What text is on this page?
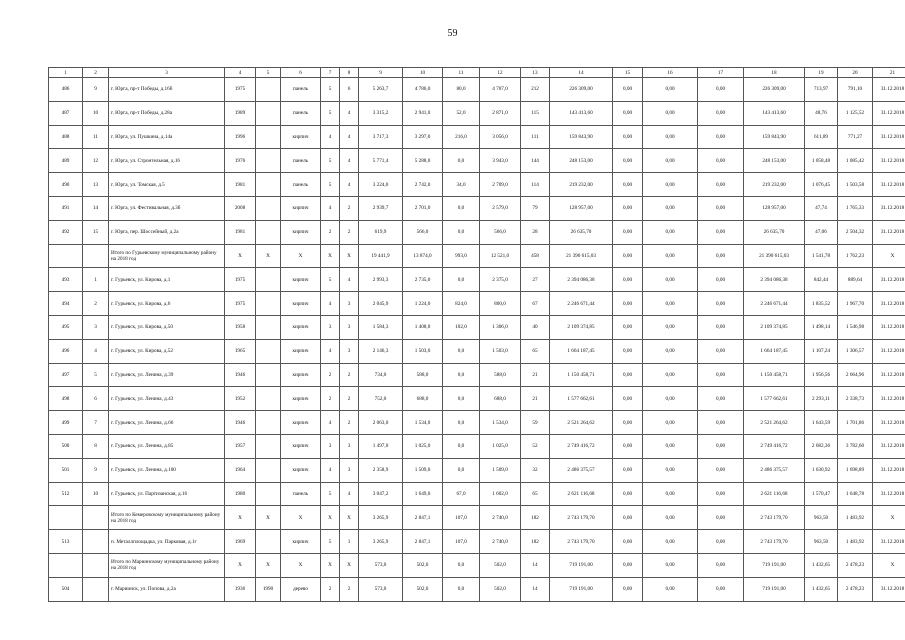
59
1	2	3	4	5	6	7	8	9	10	11	12	13	14	15	16	17	18	19	20	21
486	9	г. Юрга, пр-т Победы, д.16б	1975		панель	5	6	5 263,7	4 786,0	80,0	4 707,0	212	226 309,00	0,00	0,00	0,00	226 309,00	713,97	791,10	31.12.2018
487	10	г. Юрга, пр-т Победы, д.28а	1989		панель	5	4	3 315,2	2 941,0	52,0	2 871,0	115	143 413,60	0,00	0,00	0,00	143 413,60	48,76	1 125,52	31.12.2018
488	11	г. Юрга, ул. Пушкина, д.14а	1996		кирпич	4	4	3 717,3	3 297,0	216,0	3 056,0	111	159 843,90	0,00	0,00	0,00	159 843,90	611,89	771,27	31.12.2018
489	12	г. Юрга, ул. Строительная, д.16	1976		панель	5	4	5 771,4	5 288,0	0,0	3 943,0	144	248 153,00	0,00	0,00	0,00	248 153,00	1 058,48	1 085,42	31.12.2018
490	13	г. Юрга, ул. Томская, д.5	1981		панель	5	4	3 224,0	2 742,0	34,0	2 709,0	114	219 232,00	0,00	0,00	0,00	219 232,00	1 076,45	1 503,58	31.12.2018
491	14	г. Юрга, ул. Фестивальная, д.3б	2008		кирпич	4	2	2 939,7	2 701,0	0,0	2 579,0	79	128 957,00	0,00	0,00	0,00	128 957,00	47,74	1 765,33	31.12.2018
492	15	г. Юрга, пер. Шоссейный, д.2а	1981		кирпич	2	2	619,9	566,0	0,0	566,0	28	26 635,70	0,00	0,00	0,00	26 635,70	47,06	2 504,32	31.12.2018
		Итого по Гурьевскому муниципальному району на 2018 год	X	X	X	X	X	19 441,9	13 874,0	993,0	12 521,0	458	21 390 615,03	0,00	0,00	0,00	21 390 615,03	1 541,78	1 762,23	X
493	1	г. Гурьевск, ул. Кирова, д.1	1975		кирпич	5	4	2 993,3	2 735,0	0,0	2 375,0	27	2 394 086,38	0,00	0,00	0,00	2 394 086,38	842,44	889,64	31.12.2018
494	2	г. Гурьевск, ул. Кирова, д.6	1975		кирпич	4	3	2 045,9	1 224,0	824,0	800,0	67	2 246 671,44	0,00	0,00	0,00	2 246 671,44	1 835,52	1 967,70	31.12.2018
495	3	г. Гурьевск, ул. Кирова, д.50	1958		кирпич	3	3	1 584,3	1 408,0	102,0	1 306,0	40	2 109 374,85	0,00	0,00	0,00	2 109 374,85	1 498,14	1 546,98	31.12.2018
496	4	г. Гурьевск, ул. Кирова, д.52	1965		кирпич	4	3	2 146,3	1 503,0	0,0	1 503,0	65	1 664 187,45	0,00	0,00	0,00	1 664 187,45	1 107,24	1 306,57	31.12.2018
497	5	г. Гурьевск, ул. Ленина, д.39	1946		кирпич	2	2	734,0	588,0	0,0	588,0	21	1 150 458,71	0,00	0,00	0,00	1 150 458,71	1 956,56	2 664,96	31.12.2018
498	6	г. Гурьевск, ул. Ленина, д.43	1952		кирпич	2	2	752,0	688,0	0,0	688,0	21	1 577 662,61	0,00	0,00	0,00	1 577 662,61	2 293,11	2 338,73	31.12.2018
499	7	г. Гурьевск, ул. Ленина, д.66	1946		кирпич	4	2	2 063,0	1 534,0	0,0	1 534,0	59	2 521 264,62	0,00	0,00	0,00	2 521 264,62	1 643,59	1 701,86	31.12.2018
500	8	г. Гурьевск, ул. Ленина, д.85	1957		кирпич	3	3	1 497,0	1 025,0	0,0	1 025,0	52	2 749 416,72	0,00	0,00	0,00	2 749 416,72	2 682,36	3 782,60	31.12.2018
501	9	г. Гурьевск, ул. Ленина, д.100	1964		кирпич	4	3	2 358,9	1 509,0	0,0	1 509,0	32	2 486 375,57	0,00	0,00	0,00	2 486 375,57	1 630,92	1 698,89	31.12.2018
512	10	г. Гурьевск, ул. Партизанская, д.16	1980		панель	5	4	3 047,2	1 649,0	67,0	1 602,0	65	2 621 116,68	0,00	0,00	0,00	2 621 116,68	1 570,47	1 648,78	31.12.2018
		Итого по Кемеровскому муниципальному району на 2018 год	X	X	X	X	X	3 265,9	2 847,1	107,0	2 740,0	182	2 743 179,70	0,00	0,00	0,00	2 743 179,70	963,50	1 483,92	X
513		п. Металлплощадка, ул. Парковая, д.1г	1969		кирпич	5	1	3 265,9	2 847,1	107,0	2 740,0	182	2 743 179,70	0,00	0,00	0,00	2 743 179,70	963,50	1 483,92	31.12.2018
		Итого по Мариинскому муниципальному району на 2018 год	X	X	X	X	X	573,0	502,0	0,0	502,0	14	719 191,00	0,00	0,00	0,00	719 191,00	1 432,65	2 478,23	X
504		г. Мариинск, ул. Попова, д.2а	1936	1990	дерево	2	2	573,0	502,0	0,0	502,0	14	719 191,00	0,00	0,00	0,00	719 191,00	1 432,65	2 478,23	31.12.2018
